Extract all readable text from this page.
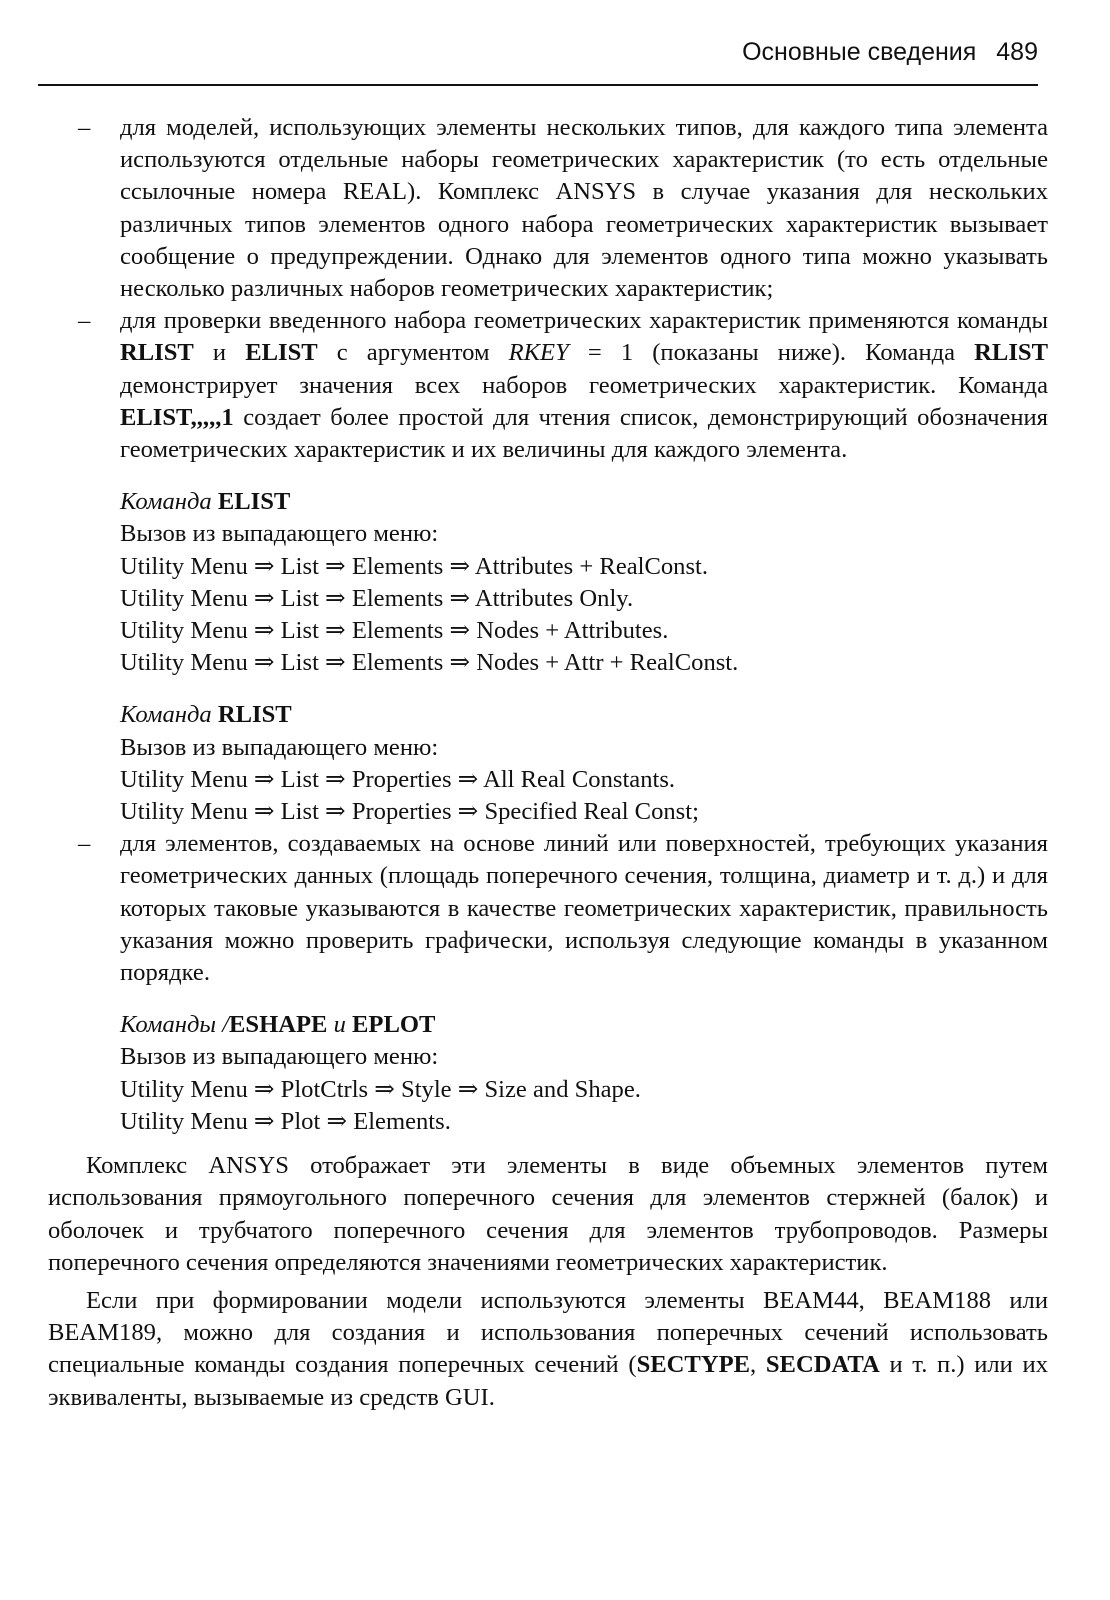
Основные сведения 489
– для моделей, использующих элементы нескольких типов, для каждого типа элемента используются отдельные наборы геометрических характеристик (то есть отдельные ссылочные номера REAL). Комплекс ANSYS в случае указания для нескольких различных типов элементов одного набора геометрических характеристик вызывает сообщение о предупреждении. Однако для элементов одного типа можно указывать несколько различных наборов геометрических характеристик;
– для проверки введенного набора геометрических характеристик применяются команды RLIST и ELIST с аргументом RKEY = 1 (показаны ниже). Команда RLIST демонстрирует значения всех наборов геометрических характеристик. Команда ELIST,,,,,1 создает более простой для чтения список, демонстрирующий обозначения геометрических характеристик и их величины для каждого элемента.
Команда ELIST
Вызов из выпадающего меню:
Utility Menu ⇒ List ⇒ Elements ⇒ Attributes + RealConst.
Utility Menu ⇒ List ⇒ Elements ⇒ Attributes Only.
Utility Menu ⇒ List ⇒ Elements ⇒ Nodes + Attributes.
Utility Menu ⇒ List ⇒ Elements ⇒ Nodes + Attr + RealConst.
Команда RLIST
Вызов из выпадающего меню:
Utility Menu ⇒ List ⇒ Properties ⇒ All Real Constants.
Utility Menu ⇒ List ⇒ Properties ⇒ Specified Real Const;
– для элементов, создаваемых на основе линий или поверхностей, требующих указания геометрических данных (площадь поперечного сечения, толщина, диаметр и т. д.) и для которых таковые указываются в качестве геометрических характеристик, правильность указания можно проверить графически, используя следующие команды в указанном порядке.
Команды /ESHAPE и EPLOT
Вызов из выпадающего меню:
Utility Menu ⇒ PlotCtrls ⇒ Style ⇒ Size and Shape.
Utility Menu ⇒ Plot ⇒ Elements.
Комплекс ANSYS отображает эти элементы в виде объемных элементов путем использования прямоугольного поперечного сечения для элементов стержней (балок) и оболочек и трубчатого поперечного сечения для элементов трубопроводов. Размеры поперечного сечения определяются значениями геометрических характеристик.
Если при формировании модели используются элементы BEAM44, BEAM188 или BEAM189, можно для создания и использования поперечных сечений использовать специальные команды создания поперечных сечений (SECTYPE, SECDATA и т. п.) или их эквиваленты, вызываемые из средств GUI.
